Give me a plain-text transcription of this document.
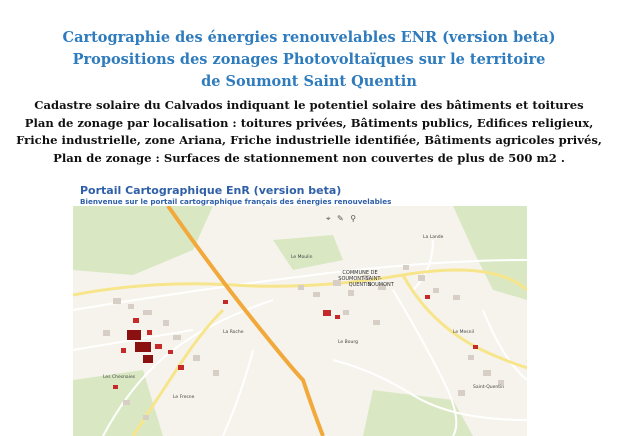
Cartographie des énergies renouvelables ENR (version beta)
Propositions des zonages Photovoltaïques sur le territoire
de Soumont Saint Quentin
Cadastre solaire du Calvados indiquant le potentiel solaire des bâtiments et toitures
Plan de zonage par localisation : toitures privées, Bâtiments publics, Edifices religieux,
Friche industrielle, zone Ariana, Friche industrielle identifiée, Bâtiments agricoles privés,
Plan de zonage : Surfaces de stationnement non couvertes de plus de 500 m2 .
Portail Cartographique EnR (version beta)
Bienvenue sur le portail cartographique français des énergies renouvelables
⌖ ✎ ⚲
COMMUNE DE SOUMONT-SAINT-QUENTIN
SOUMONT
Saint-Quentin
Le Moulin
La Roche
Le Bourg
Les Chesnaies
Le Fresne
La Lande
Le Mesnil
